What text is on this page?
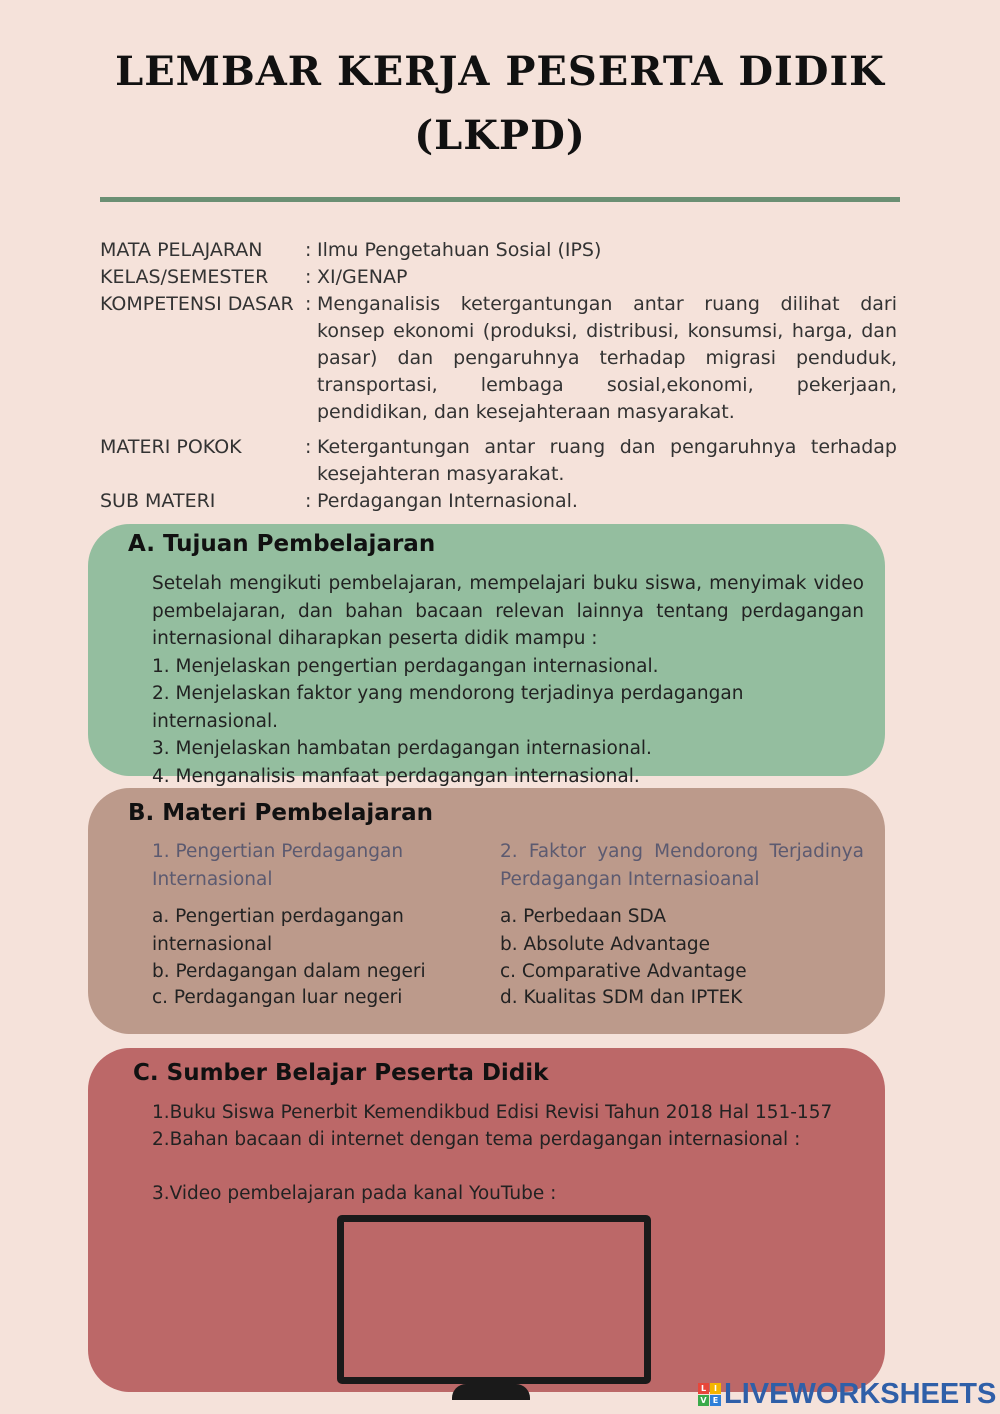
LEMBAR KERJA PESERTA DIDIK
(LKPD)
MATA PELAJARAN : Ilmu Pengetahuan Sosial (IPS)
KELAS/SEMESTER : XI/GENAP
KOMPETENSI DASAR : Menganalisis ketergantungan antar ruang dilihat dari konsep ekonomi (produksi, distribusi, konsumsi, harga, dan pasar) dan pengaruhnya terhadap migrasi penduduk, transportasi, lembaga sosial,ekonomi, pekerjaan, pendidikan, dan kesejahteraan masyarakat.
MATERI POKOK	: Ketergantungan antar ruang dan pengaruhnya terhadap kesejahteran masyarakat.
SUB MATERI	: Perdagangan Internasional.
A. Tujuan Pembelajaran
Setelah mengikuti pembelajaran, mempelajari buku siswa, menyimak video pembelajaran, dan bahan bacaan relevan lainnya tentang perdagangan internasional diharapkan peserta didik mampu :
1. Menjelaskan pengertian perdagangan internasional.
2. Menjelaskan faktor yang mendorong terjadinya perdagangan internasional.
3. Menjelaskan hambatan perdagangan internasional.
4. Menganalisis manfaat perdagangan internasional.
B. Materi Pembelajaran
1. Pengertian Perdagangan Internasional
a. Pengertian perdagangan internasional
b. Perdagangan dalam negeri
c. Perdagangan luar negeri
2. Faktor yang Mendorong Terjadinya Perdagangan Internasioanal
a. Perbedaan SDA
b. Absolute Advantage
c. Comparative Advantage
d. Kualitas SDM dan IPTEK
C. Sumber Belajar Peserta Didik
1.Buku Siswa Penerbit Kemendikbud Edisi Revisi Tahun 2018 Hal 151-157
2.Bahan bacaan di internet dengan tema perdagangan internasional :
3.Video pembelajaran pada kanal YouTube :
L I
V E LIVEWORKSHEETS
